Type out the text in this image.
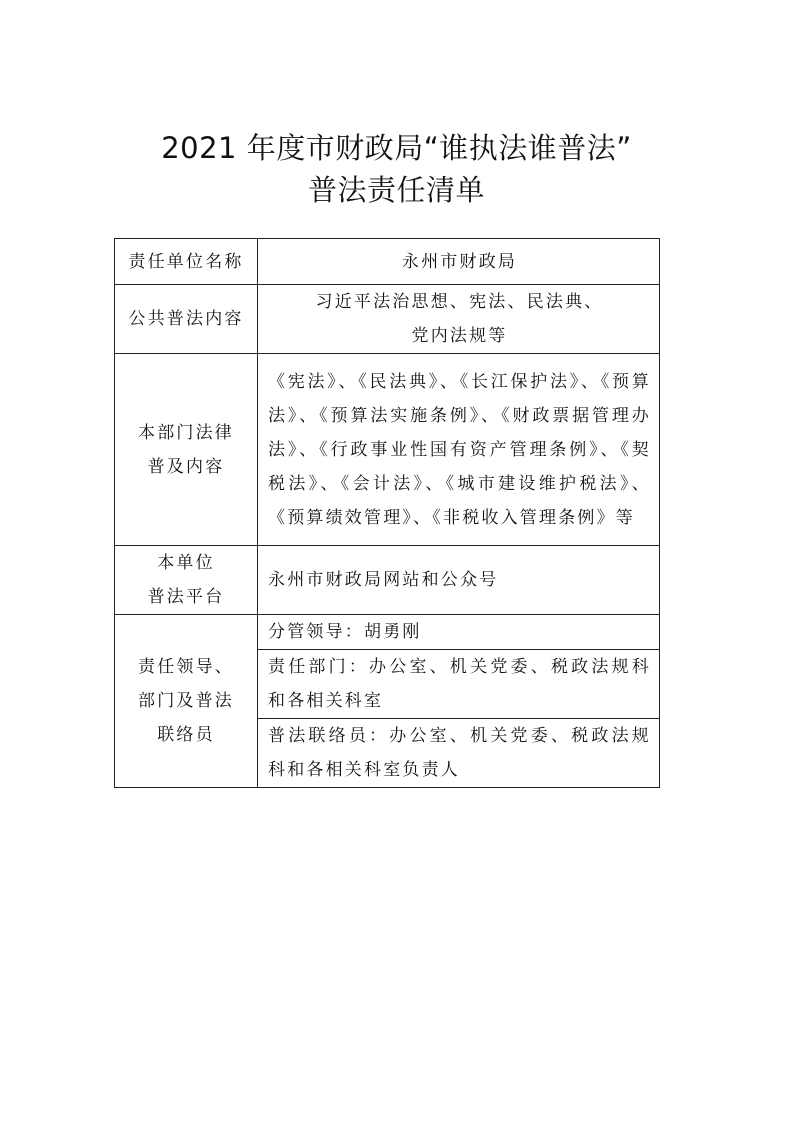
2021 年度市财政局“谁执法谁普法”
普法责任清单
责任单位名称	永州市财政局
公共普法内容	习近平法治思想、宪法、民法典、
党内法规等

本部门法律
普及内容	《宪法》、《民法典》、《长江保护法》、《预算法》、《预算法实施条例》、《财政票据管理办法》、《行政事业性国有资产管理条例》、《契税法》、《会计法》、《城市建设维护税法》、《预算绩效管理》、《非税收入管理条例》等

本单位
普法平台	永州市财政局网站和公众号

责任领导、
部门及普法
联络员	分管领导：胡勇刚
	责任部门：办公室、机关党委、税政法规科和各相关科室
	普法联络员：办公室、机关党委、税政法规科和各相关科室负责人
